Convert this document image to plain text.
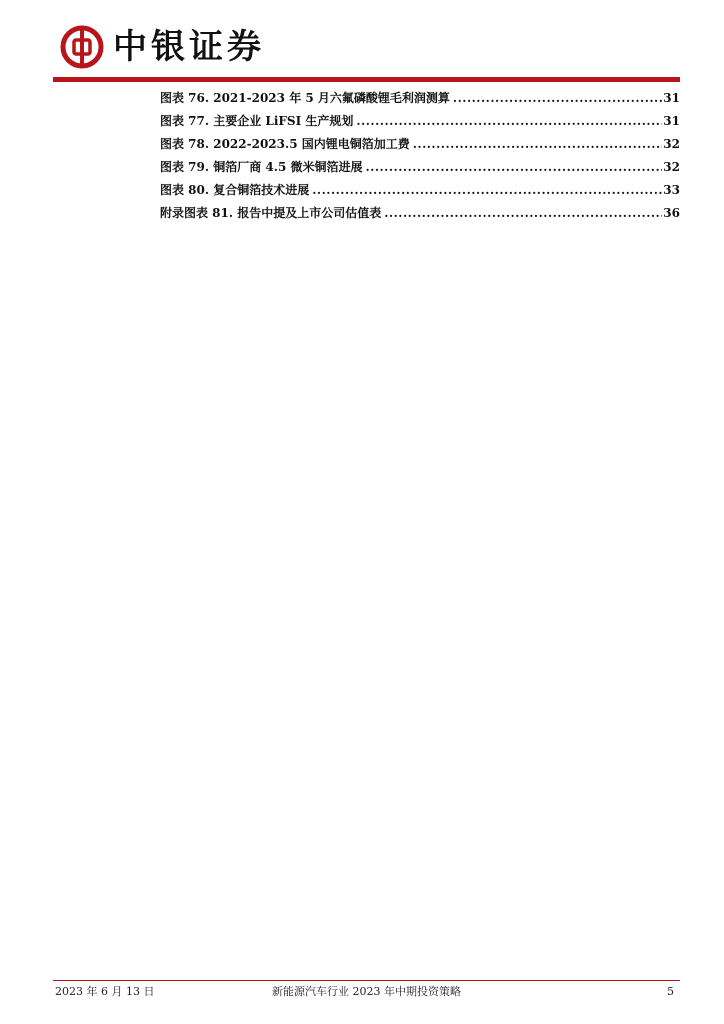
中银证券
图表 76. 2021-2023 年 5 月六氟磷酸锂毛利润测算 .....	31
图表 77. 主要企业 LiFSI 生产规划 .....	31
图表 78. 2022-2023.5 国内锂电铜箔加工费 .....	32
图表 79. 铜箔厂商 4.5 微米铜箔进展 .....	32
图表 80. 复合铜箔技术进展 .....	33
附录图表 81. 报告中提及上市公司估值表 .....	36
2023 年 6 月 13 日	新能源汽车行业 2023 年中期投资策略	5
